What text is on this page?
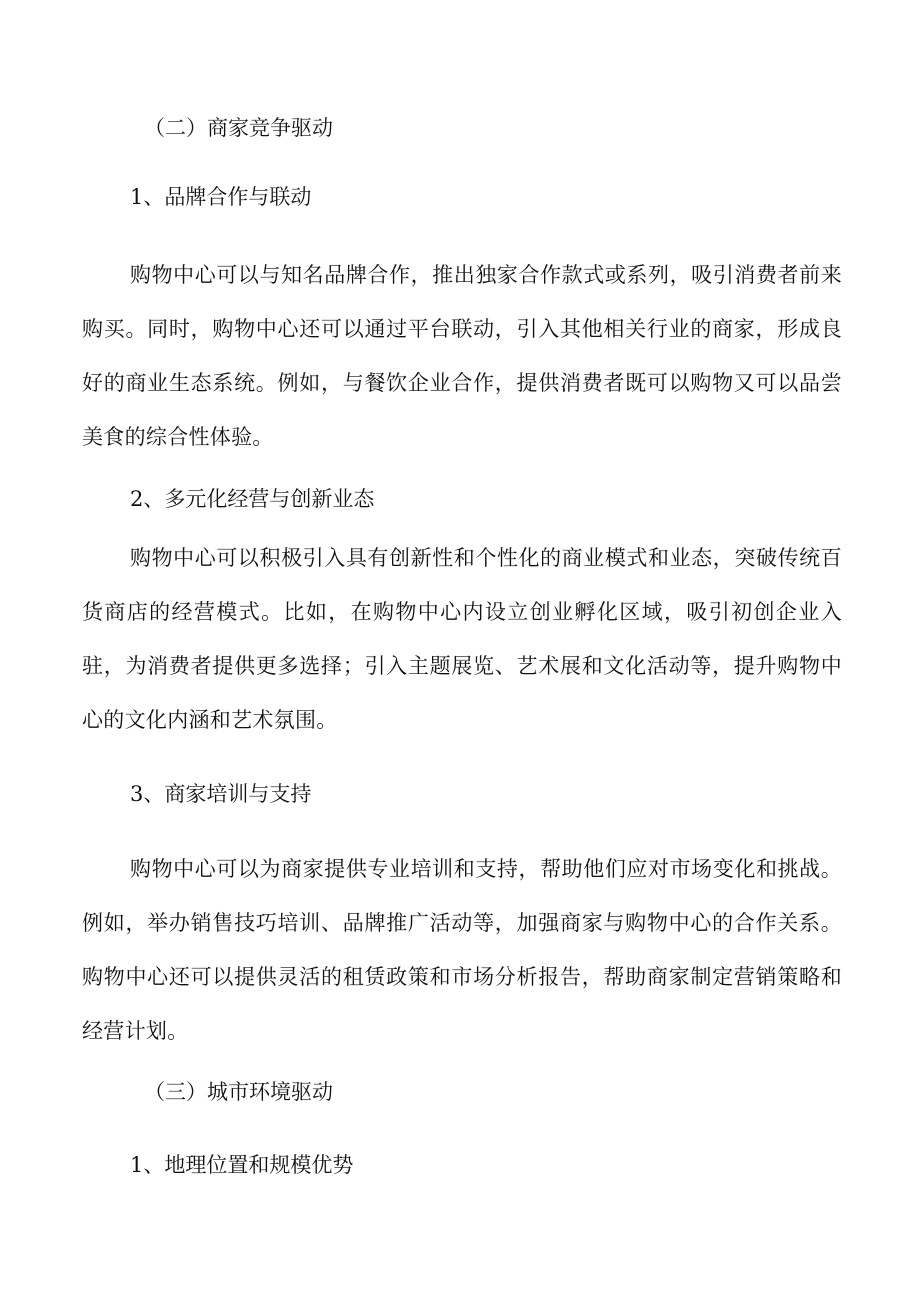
（二）商家竞争驱动
1、品牌合作与联动

购物中心可以与知名品牌合作，推出独家合作款式或系列，吸引消费者前来购买。同时，购物中心还可以通过平台联动，引入其他相关行业的商家，形成良好的商业生态系统。例如，与餐饮企业合作，提供消费者既可以购物又可以品尝美食的综合性体验。

2、多元化经营与创新业态

购物中心可以积极引入具有创新性和个性化的商业模式和业态，突破传统百货商店的经营模式。比如，在购物中心内设立创业孵化区域，吸引初创企业入驻，为消费者提供更多选择；引入主题展览、艺术展和文化活动等，提升购物中心的文化内涵和艺术氛围。

3、商家培训与支持

购物中心可以为商家提供专业培训和支持，帮助他们应对市场变化和挑战。例如，举办销售技巧培训、品牌推广活动等，加强商家与购物中心的合作关系。购物中心还可以提供灵活的租赁政策和市场分析报告，帮助商家制定营销策略和经营计划。

（三）城市环境驱动
1、地理位置和规模优势
